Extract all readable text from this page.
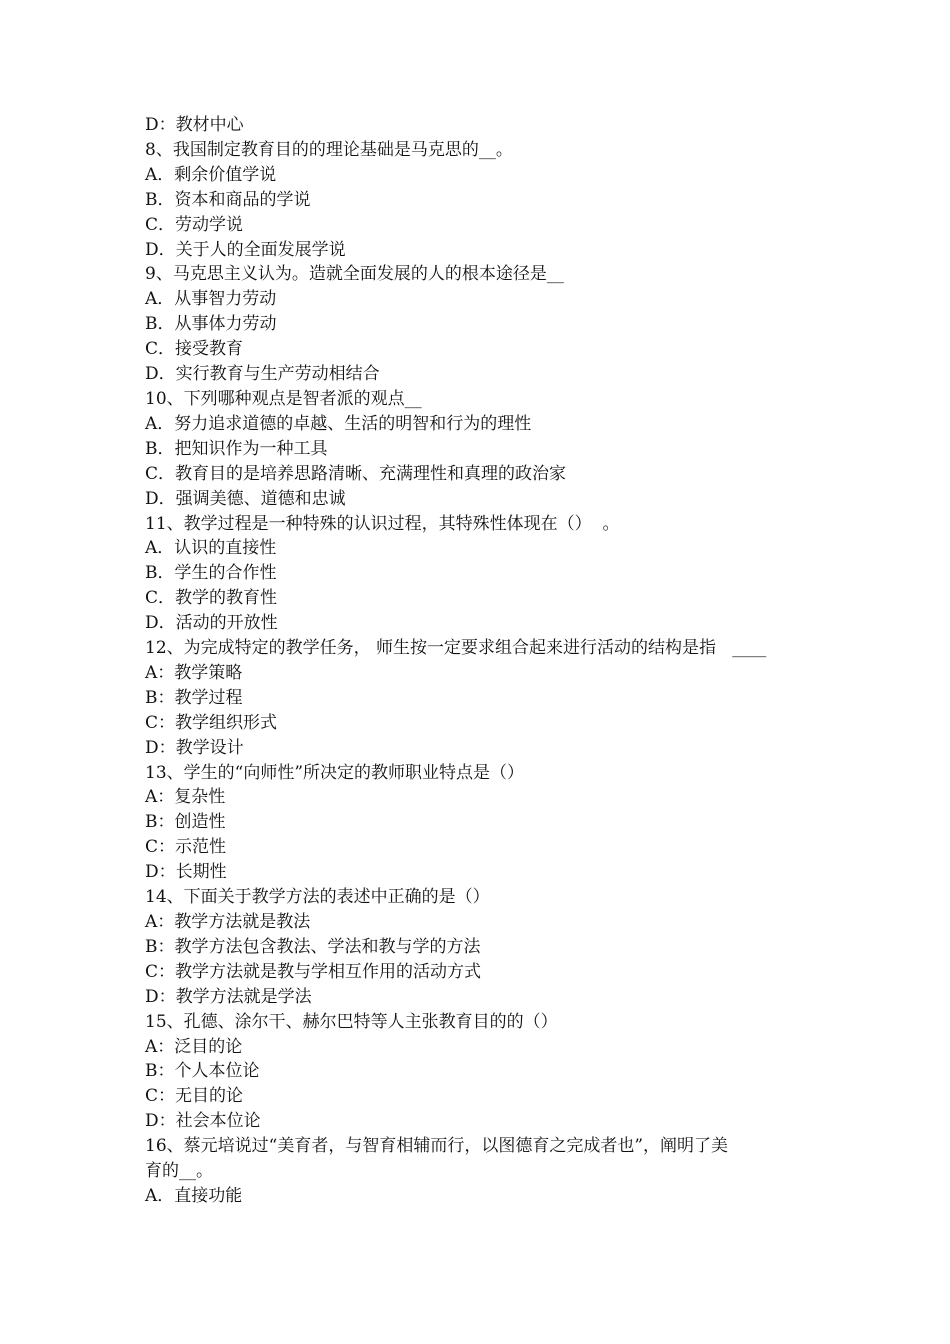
D：教材中心
8、我国制定教育目的的理论基础是马克思的__。
A．剩余价值学说
B．资本和商品的学说
C．劳动学说
D．关于人的全面发展学说
9、马克思主义认为。造就全面发展的人的根本途径是__
A．从事智力劳动
B．从事体力劳动
C．接受教育
D．实行教育与生产劳动相结合
10、下列哪种观点是智者派的观点__
A．努力追求道德的卓越、生活的明智和行为的理性
B．把知识作为一种工具
C．教育目的是培养思路清晰、充满理性和真理的政治家
D．强调美德、道德和忠诚
11、教学过程是一种特殊的认识过程，其特殊性体现在（）  。
A．认识的直接性
B．学生的合作性
C．教学的教育性
D．活动的开放性
12、为完成特定的教学任务， 师生按一定要求组合起来进行活动的结构是指   ____
A：教学策略
B：教学过程
C：教学组织形式
D：教学设计
13、学生的“向师性”所决定的教师职业特点是（）
A：复杂性
B：创造性
C：示范性
D：长期性
14、下面关于教学方法的表述中正确的是（）
A：教学方法就是教法
B：教学方法包含教法、学法和教与学的方法
C：教学方法就是教与学相互作用的活动方式
D：教学方法就是学法
15、孔德、涂尔干、赫尔巴特等人主张教育目的的（）
A：泛目的论
B：个人本位论
C：无目的论
D：社会本位论
16、蔡元培说过“美育者，与智育相辅而行，以图德育之完成者也”，阐明了美
育的__。
A．直接功能
